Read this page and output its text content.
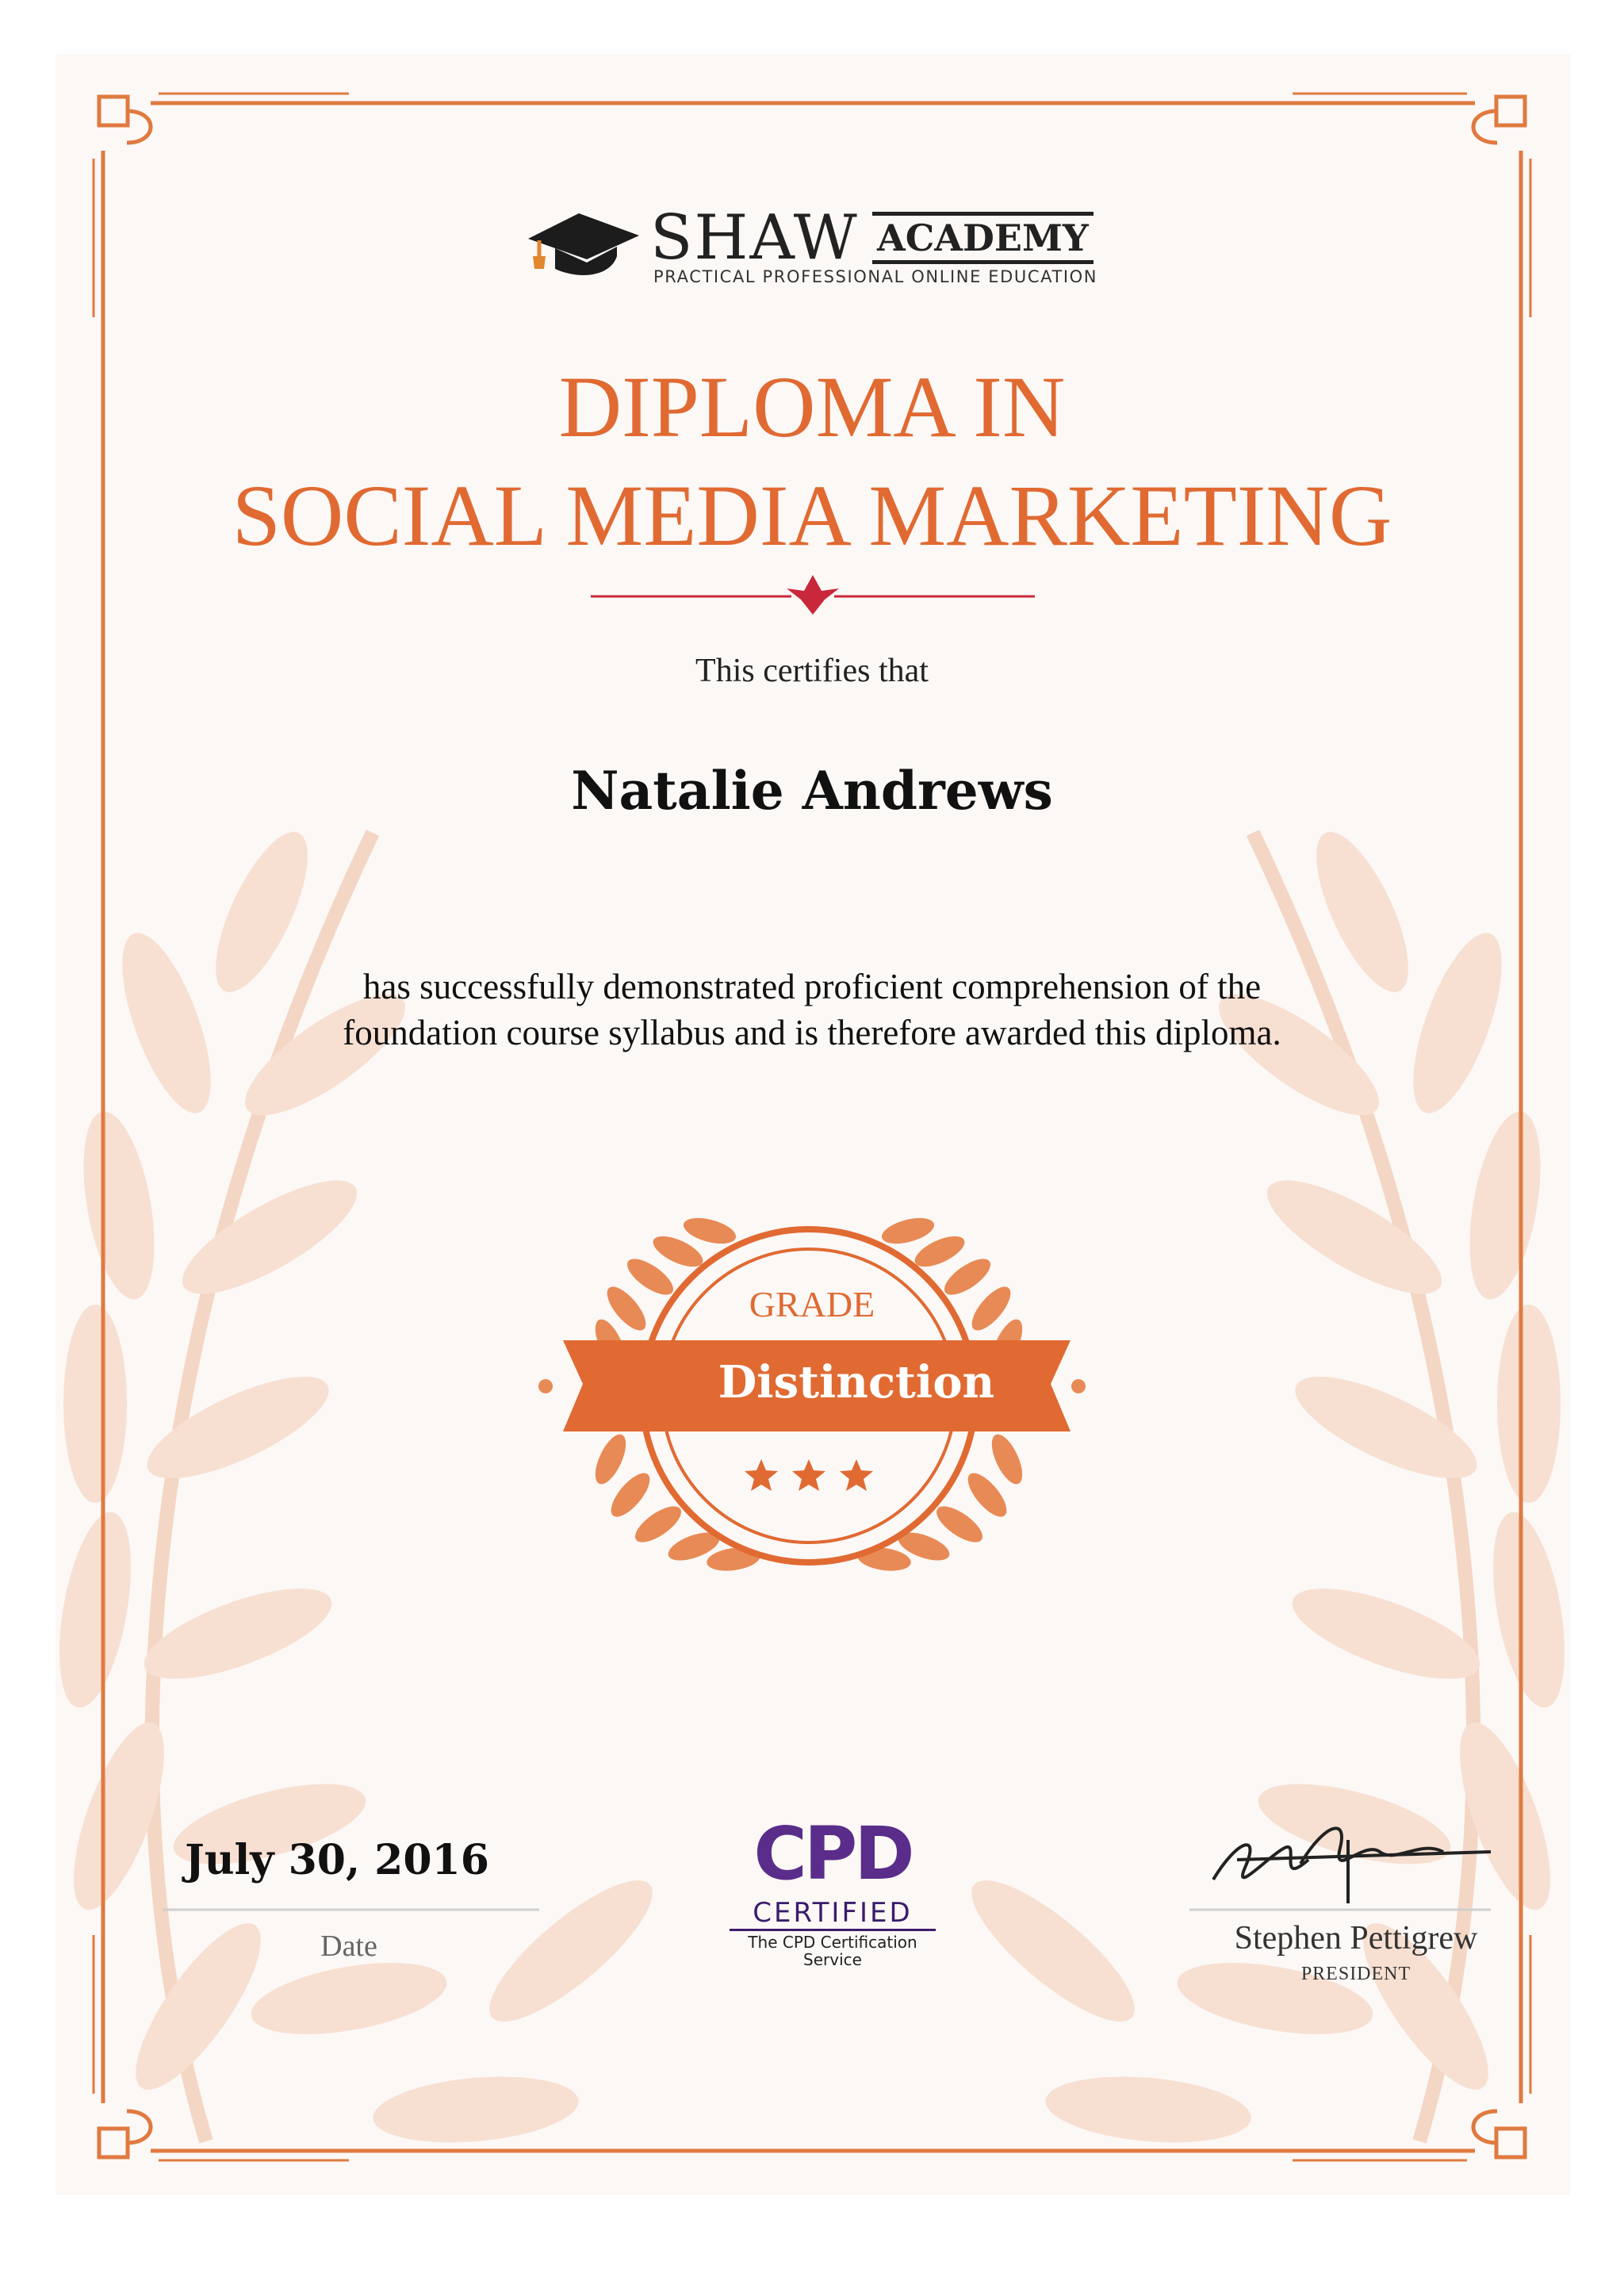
SHAW ACADEMY
PRACTICAL PROFESSIONAL ONLINE EDUCATION
DIPLOMA IN
SOCIAL MEDIA MARKETING
This certifies that
Natalie Andrews
has successfully demonstrated proficient comprehension of the
foundation course syllabus and is therefore awarded this diploma.
GRADE
Distinction
July 30, 2016
Date
CPD
CERTIFIED
The CPD Certification Service
Stephen Pettigrew
PRESIDENT
